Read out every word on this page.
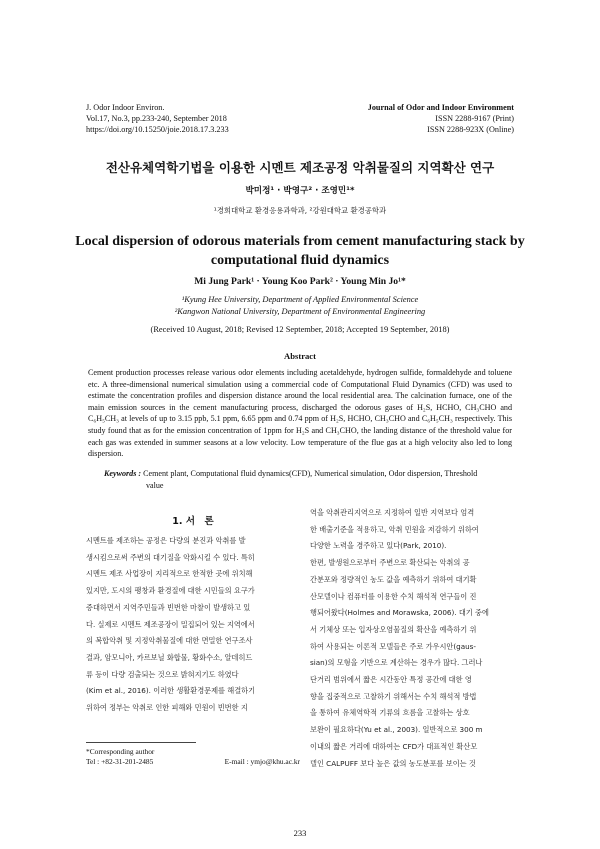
J. Odor Indoor Environ.
Vol.17, No.3, pp.233-240, September 2018
https://doi.org/10.15250/joie.2018.17.3.233
Journal of Odor and Indoor Environment
ISSN 2288-9167 (Print)
ISSN 2288-923X (Online)
전산유체역학기법을 이용한 시멘트 제조공정 악취물질의 지역확산 연구
박미정¹ · 박영구² · 조영민¹*
¹경희대학교 환경응용과학과, ²강원대학교 환경공학과
Local dispersion of odorous materials from cement manufacturing stack by computational fluid dynamics
Mi Jung Park¹ · Young Koo Park² · Young Min Jo¹*
¹Kyung Hee University, Department of Applied Environmental Science
²Kangwon National University, Department of Environmental Engineering
(Received 10 August, 2018; Revised 12 September, 2018; Accepted 19 September, 2018)
Abstract
Cement production processes release various odor elements including acetaldehyde, hydrogen sulfide, formaldehyde and toluene etc. A three-dimensional numerical simulation using a commercial code of Computational Fluid Dynamics (CFD) was used to estimate the concentration profiles and dispersion distance around the local residential area. The calcination furnace, one of the main emission sources in the cement manufacturing process, discharged the odorous gases of H₂S, HCHO, CH₃CHO and C₆H₅CH₃ at levels of up to 3.15 ppb, 5.1 ppm, 6.65 ppm and 0.74 ppm of H₂S, HCHO, CH₃CHO and C₆H₅CH₃ respectively. This study found that as for the emission concentration of 1ppm for H₂S and CH₃CHO, the landing distance of the threshold value for each gas was extended in summer seasons at a low velocity. Low temperature of the flue gas at a high velocity also led to long dispersion.
Keywords : Cement plant, Computational fluid dynamics(CFD), Numerical simulation, Odor dispersion, Threshold
value
1. 서　론
시멘트를 제조하는 공정은 다량의 분진과 악취를 발
생시킴으로써 주변의 대기질을 악화시킬 수 있다. 특히
시멘트 제조 사업장이 지리적으로 한적한 곳에 위치해
있지만, 도시의 팽창과 환경질에 대한 시민들의 요구가
증대하면서 지역주민들과 빈번한 마찰이 발생하고 있
다. 실제로 시멘트 제조공장이 밀집되어 있는 지역에서
의 복합악취 및 지정악취물질에 대한 면밀한 연구조사
결과, 암모니아, 카르보닐 화합물, 황화수소, 알데히드
류 등이 다량 검출되는 것으로 밝혀지기도 하였다
(Kim et al., 2016). 이러한 생활환경문제를 해결하기
위하여 정부는 악취로 인한 피해와 민원이 빈번한 지
역을 악취관리지역으로 지정하여 일반 지역보다 엄격
한 배출기준을 적용하고, 악취 민원을 저감하기 위하여
다양한 노력을 경주하고 있다(Park, 2010).
한편, 발생원으로부터 주변으로 확산되는 악취의 공
간분포와 정량적인 농도 값을 예측하기 위하여 대기확
산모델이나 컴퓨터를 이용한 수치 해석적 연구들이 진
행되어왔다(Holmes and Morawska, 2006). 대기 중에
서 기체상 또는 입자상오염물질의 확산을 예측하기 위
하여 사용되는 이론적 모델들은 주로 가우시안(gaus-
sian)의 모형을 기반으로 계산하는 경우가 많다. 그러나
단거리 범위에서 짧은 시간동안 특정 공간에 대한 영
향을 집중적으로 고찰하기 위해서는 수치 해석적 방법
을 통하여 유체역학적 기류의 흐름을 고찰하는 상호
보완이 필요하다(Yu et al., 2003). 일반적으로 300 m
이내의 짧은 거리에 대하여는 CFD가 대표적인 확산모
델인 CALPUFF 보다 높은 값의 농도분포를 보이는 것
*Corresponding author
Tel : +82-31-201-2485	E-mail : ymjo@khu.ac.kr
233
